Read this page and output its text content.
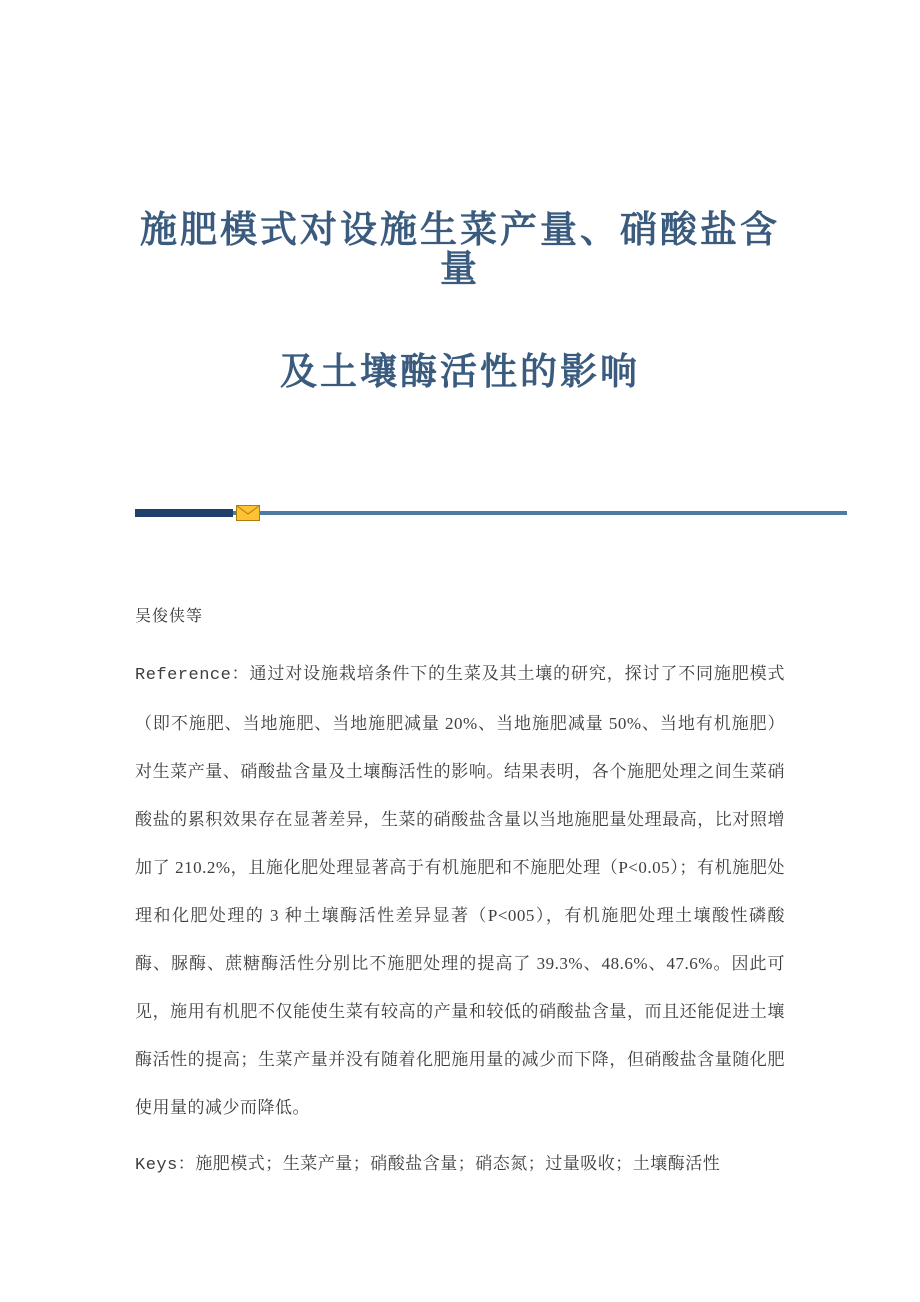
施肥模式对设施生菜产量、硝酸盐含量
及土壤酶活性的影响
吴俊侠等

Reference：通过对设施栽培条件下的生菜及其土壤的研究，探讨了不同施肥模式（即不施肥、当地施肥、当地施肥减量 20%、当地施肥减量 50%、当地有机施肥）对生菜产量、硝酸盐含量及土壤酶活性的影响。结果表明，各个施肥处理之间生菜硝酸盐的累积效果存在显著差异，生菜的硝酸盐含量以当地施肥量处理最高，比对照增加了 210.2%，且施化肥处理显著高于有机施肥和不施肥处理（P<0.05）；有机施肥处理和化肥处理的 3 种土壤酶活性差异显著（P<005），有机施肥处理土壤酸性磷酸酶、脲酶、蔗糖酶活性分别比不施肥处理的提高了 39.3%、48.6%、47.6%。因此可见，施用有机肥不仅能使生菜有较高的产量和较低的硝酸盐含量，而且还能促进土壤酶活性的提高；生菜产量并没有随着化肥施用量的减少而下降，但硝酸盐含量随化肥使用量的减少而降低。

Keys：施肥模式；生菜产量；硝酸盐含量；硝态氮；过量吸收；土壤酶活性
